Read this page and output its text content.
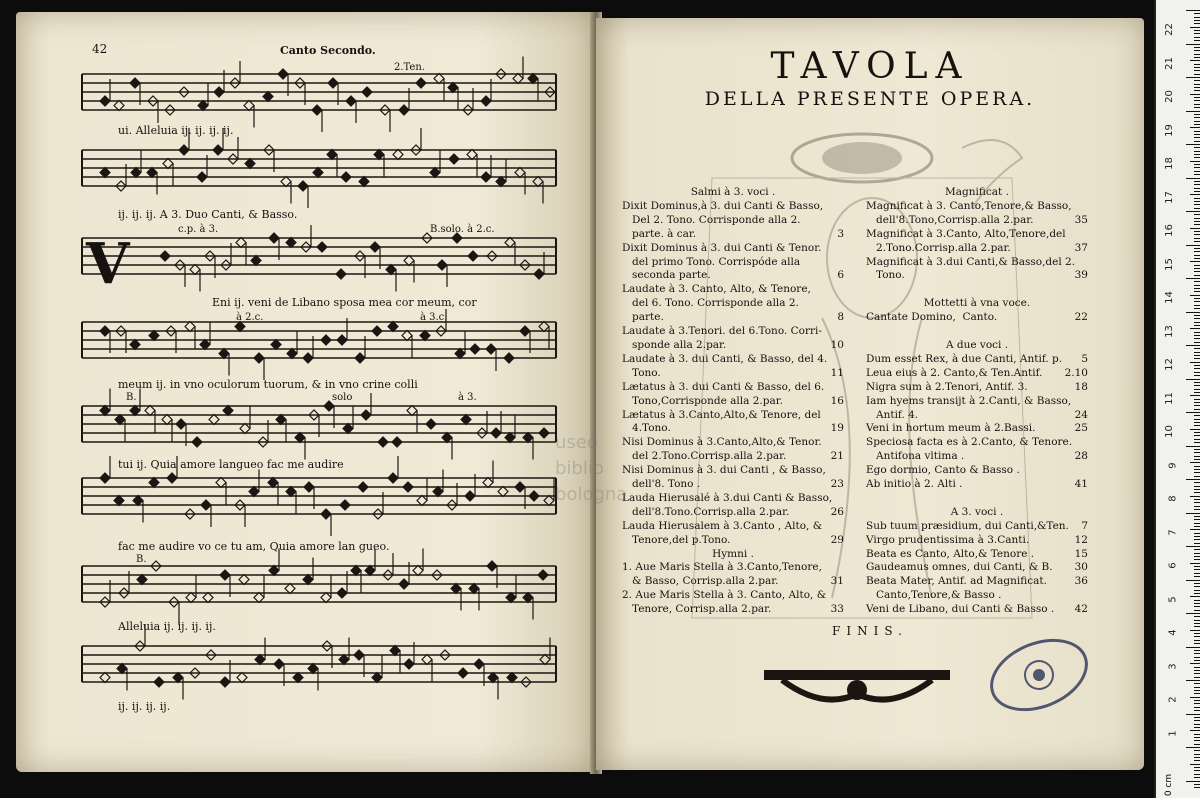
42	Canto Secondo.
V
ui. Alleluia ij. ij. ij. ij.
2.Ten.
ij. ij. ij. A 3. Duo Canti, & Basso.
Eni ij. veni de Libano sposa mea cor meum, cor
c.p. à 3.	B.solo. à 2.c.
meum ij. in vno oculorum tuorum, & in vno crine colli
à 2.c.	à 3.c.
tui ij. Quia amore langueo fac me audire
B.	solo	à 3.
fac me audire vo ce tu am, Quia amore lan gueo.
Alleluia ij. ij. ij. ij.
B.
ij. ij. ij. ij.
useo
biblio
bologna
TAVOLA
DELLA PRESENTE OPERA.
Salmi à 3. voci .
Dixit Dominus,à 3. dui Canti & Basso,
Del 2. Tono. Corrisponde alla 2.
parte. à car.	3
Dixit Dominus à 3. dui Canti & Tenor.
del primo Tono. Corrispóde alla
seconda parte.	6
Laudate à 3. Canto, Alto, & Tenore,
del 6. Tono. Corrisponde alla 2.
parte.	8
Laudate à 3.Tenori. del 6.Tono. Corri-
sponde alla 2.par.	10
Laudate à 3. dui Canti, & Basso, del 4.
Tono.	11
Lætatus à 3. dui Canti & Basso, del 6.
Tono,Corrisponde alla 2.par.	16
Lætatus à 3.Canto,Alto,& Tenore, del
4.Tono.	19
Nisi Dominus à 3.Canto,Alto,& Tenor.
del 2.Tono.Corrisp.alla 2.par.	21
Nisi Dominus à 3. dui Canti , & Basso,
dell'8. Tono .	23
Lauda Hierusalé à 3.dui Canti & Basso,
dell'8.Tono.Corrisp.alla 2.par.	26
Lauda Hierusalem à 3.Canto , Alto, &
Tenore,del p.Tono.	29
Hymni .
1. Aue Maris Stella à 3.Canto,Tenore,
& Basso, Corrisp.alla 2.par.	31
2. Aue Maris Stella à 3. Canto, Alto, &
Tenore, Corrisp.alla 2.par.	33
Magnificat .
Magnificat à 3. Canto,Tenore,& Basso,
dell'8.Tono,Corrisp.alla 2.par.	35
Magnificat à 3.Canto, Alto,Tenore,del
2.Tono.Corrisp.alla 2.par.	37
Magnificat à 3.dui Canti,& Basso,del 2.
Tono.	39

Mottetti à vna voce.
Cantate Domino,  Canto.	22

A due voci .
Dum esset Rex, à due Canti, Antif. p.	5
Leua eius à 2. Canto,& Ten.Antif.	2.10
Nigra sum à 2.Tenori, Antif. 3.	18
Iam hyems transijt à 2.Canti, & Basso,
Antif. 4.	24
Veni in hortum meum à 2.Bassi.	25
Speciosa facta es à 2.Canto, & Tenore.
Antifona vltima .	28
Ego dormio, Canto & Basso .
Ab initio à 2. Alti .	41

A 3. voci .
Sub tuum præsidium, dui Canti,&Ten.	7
Virgo prudentissima à 3.Canti.	12
Beata es Canto, Alto,& Tenore .	15
Gaudeamus omnes, dui Canti, & B.	30
Beata Mater, Antif. ad Magnificat.	36
Canto,Tenore,& Basso .
Veni de Libano, dui Canti & Basso .	42
FINIS.
0 cm
22
21
20
19
18
17
16
15
14
13
12
11
10
9
8
7
6
5
4
3
2
1
